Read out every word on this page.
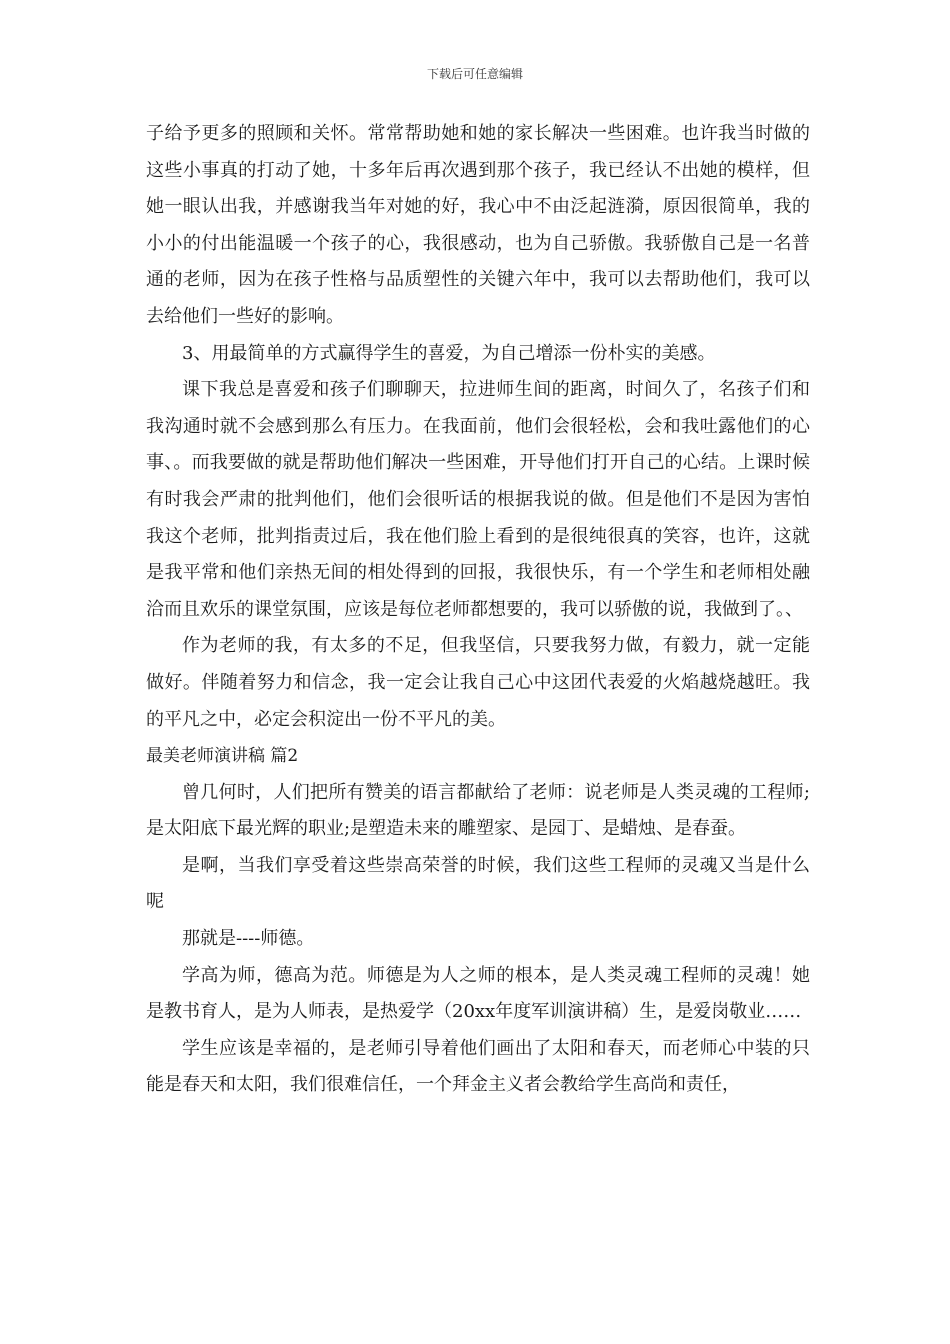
下载后可任意编辑

子给予更多的照顾和关怀。常常帮助她和她的家长解决一些困难。也许我当时做的这些小事真的打动了她，十多年后再次遇到那个孩子，我已经认不出她的模样，但她一眼认出我，并感谢我当年对她的好，我心中不由泛起涟漪，原因很简单，我的小小的付出能温暖一个孩子的心，我很感动，也为自己骄傲。我骄傲自己是一名普通的老师，因为在孩子性格与品质塑性的关键六年中，我可以去帮助他们，我可以去给他们一些好的影响。

3、用最简单的方式赢得学生的喜爱，为自己增添一份朴实的美感。

课下我总是喜爱和孩子们聊聊天，拉进师生间的距离，时间久了，名孩子们和我沟通时就不会感到那么有压力。在我面前，他们会很轻松，会和我吐露他们的心事、。而我要做的就是帮助他们解决一些困难，开导他们打开自己的心结。上课时候有时我会严肃的批判他们，他们会很听话的根据我说的做。但是他们不是因为害怕我这个老师，批判指责过后，我在他们脸上看到的是很纯很真的笑容，也许，这就是我平常和他们亲热无间的相处得到的回报，我很快乐，有一个学生和老师相处融洽而且欢乐的课堂氛围，应该是每位老师都想要的，我可以骄傲的说，我做到了。、

作为老师的我，有太多的不足，但我坚信，只要我努力做，有毅力，就一定能做好。伴随着努力和信念，我一定会让我自己心中这团代表爱的火焰越烧越旺。我的平凡之中，必定会积淀出一份不平凡的美。

最美老师演讲稿 篇2

曾几何时，人们把所有赞美的语言都献给了老师：说老师是人类灵魂的工程师;是太阳底下最光辉的职业;是塑造未来的雕塑家、是园丁、是蜡烛、是春蚕。

是啊，当我们享受着这些崇高荣誉的时候，我们这些工程师的灵魂又当是什么呢

那就是----师德。

学高为师，德高为范。师德是为人之师的根本，是人类灵魂工程师的灵魂！她是教书育人，是为人师表，是热爱学（20xx年度军训演讲稿）生，是爱岗敬业……

学生应该是幸福的，是老师引导着他们画出了太阳和春天，而老师心中装的只能是春天和太阳，我们很难信任，一个拜金主义者会教给学生高尚和责任，
